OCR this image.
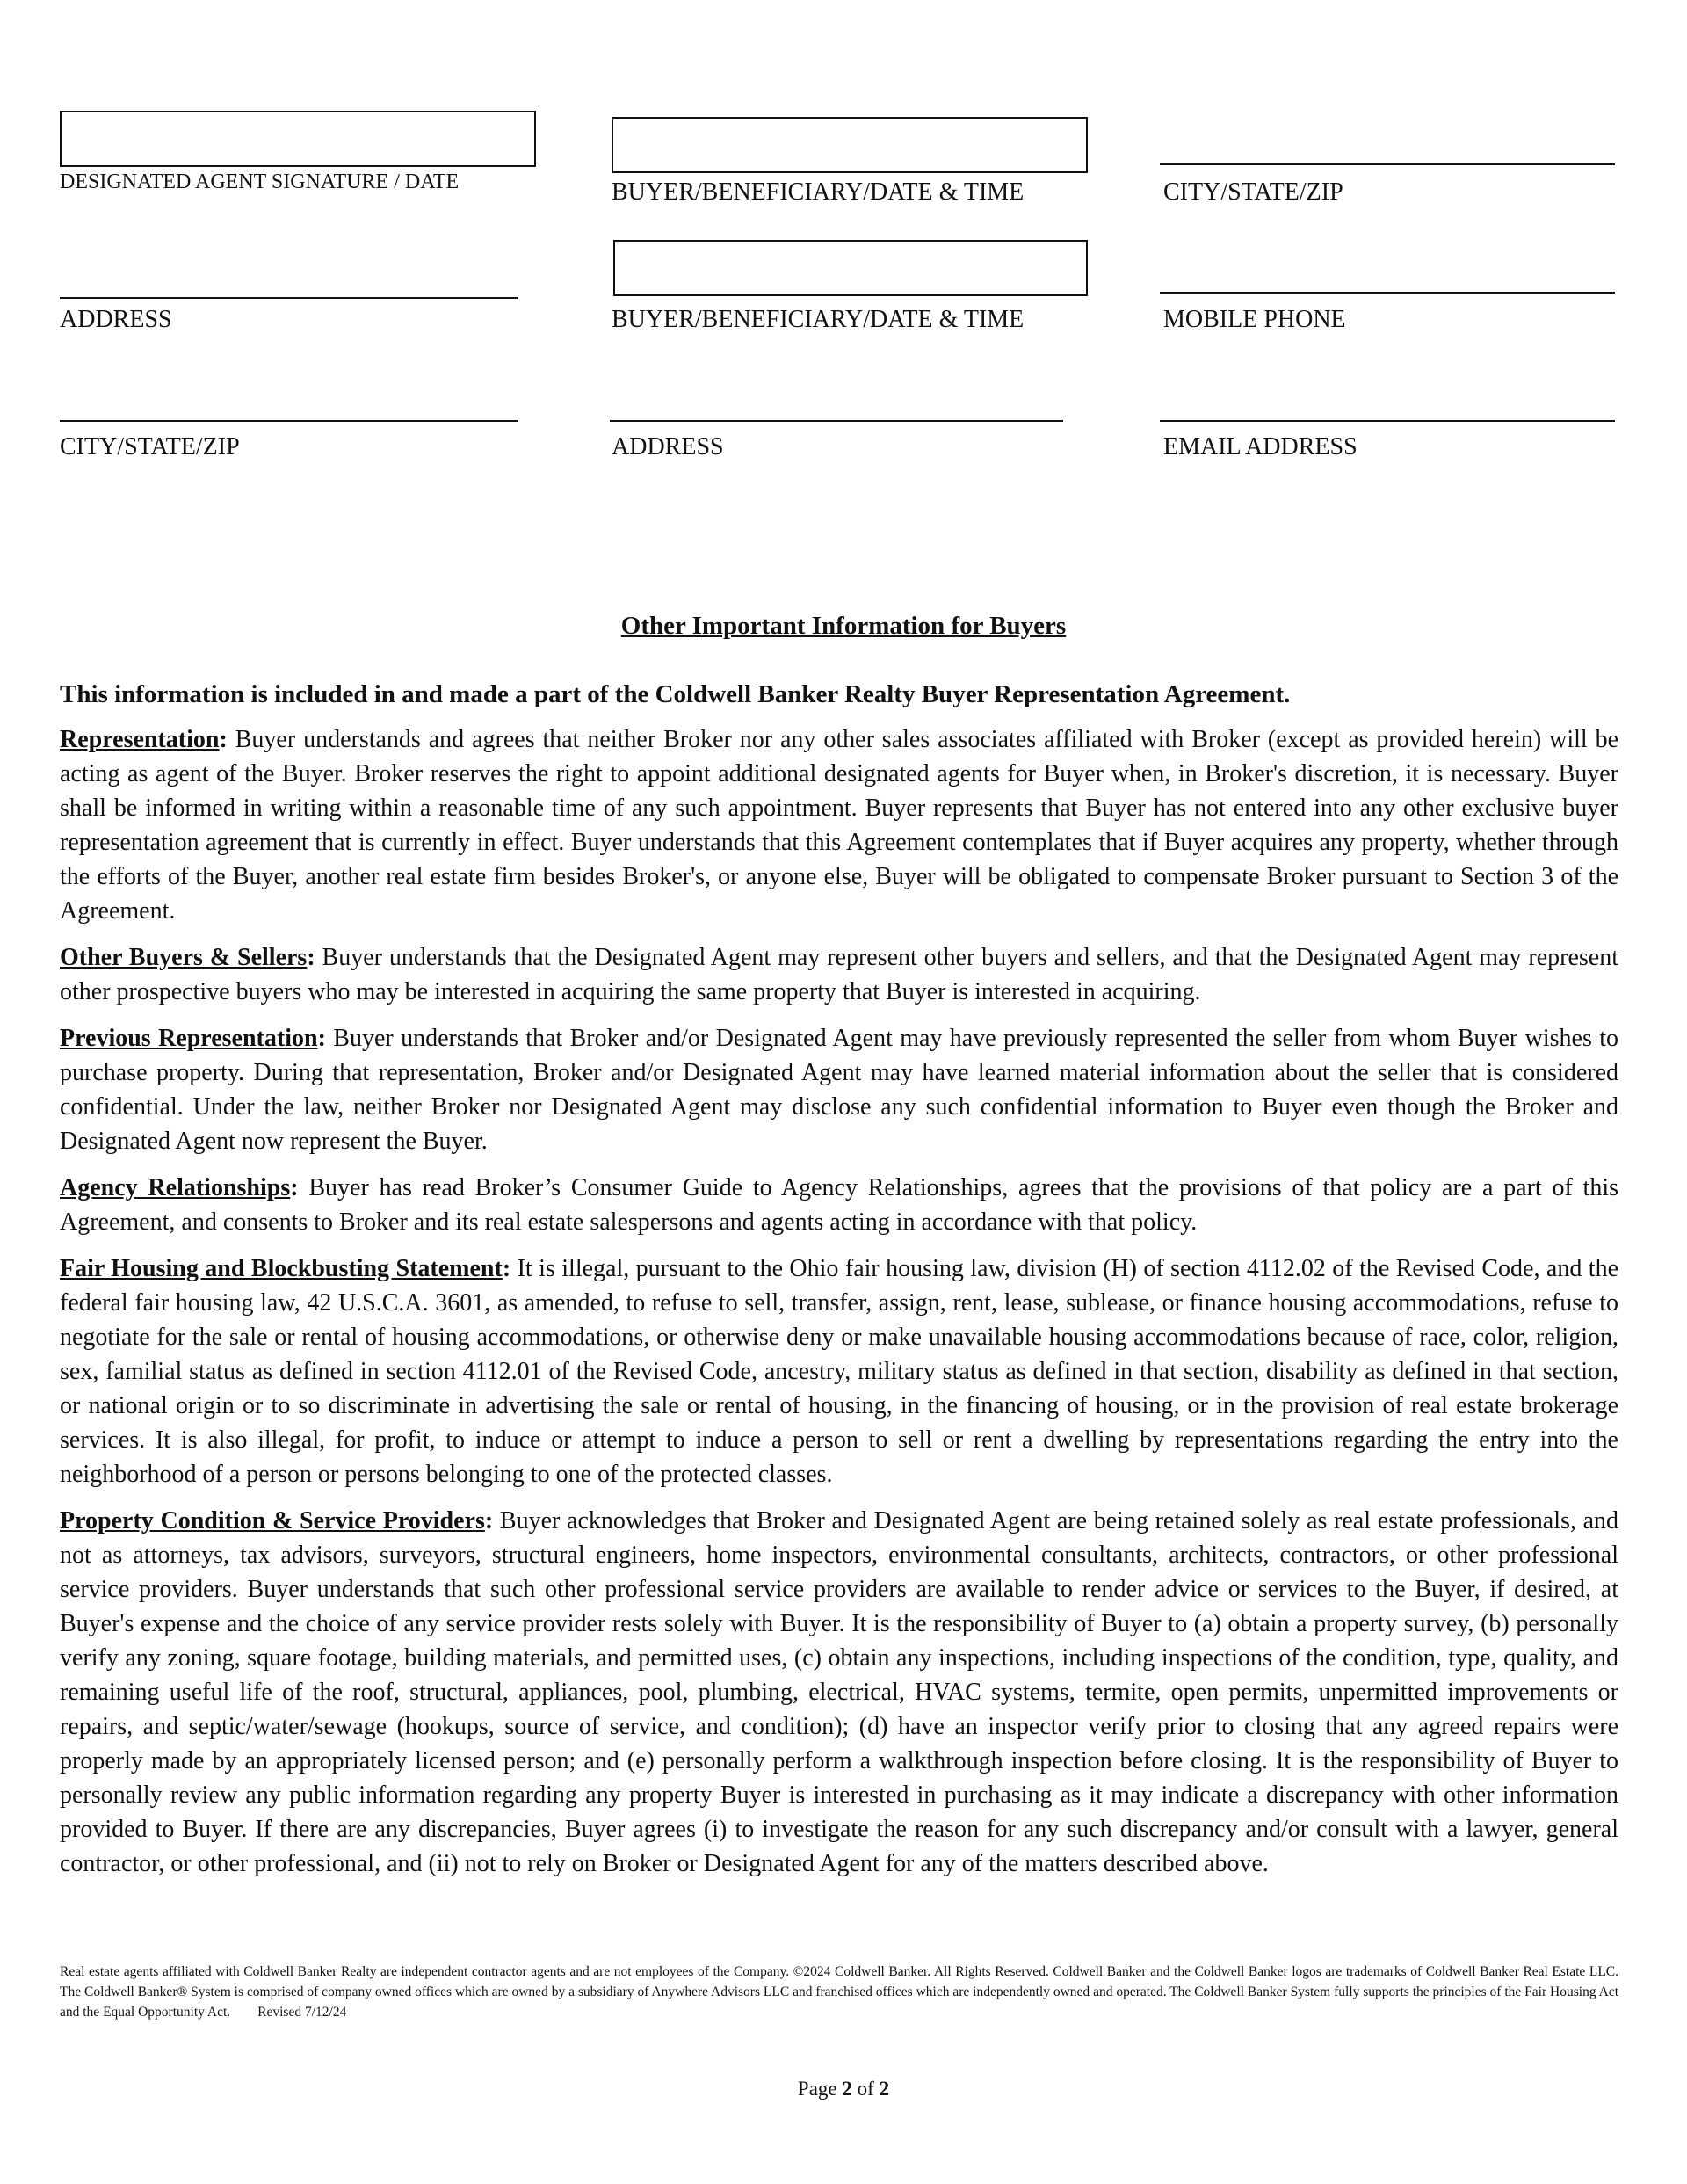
DESIGNATED AGENT SIGNATURE / DATE	BUYER/BENEFICIARY/DATE & TIME	CITY/STATE/ZIP
ADDRESS	BUYER/BENEFICIARY/DATE & TIME	MOBILE PHONE
CITY/STATE/ZIP	ADDRESS	EMAIL ADDRESS
Other Important Information for Buyers
This information is included in and made a part of the Coldwell Banker Realty Buyer Representation Agreement.

Representation: Buyer understands and agrees that neither Broker nor any other sales associates affiliated with Broker (except as provided herein) will be acting as agent of the Buyer. Broker reserves the right to appoint additional designated agents for Buyer when, in Broker's discretion, it is necessary. Buyer shall be informed in writing within a reasonable time of any such appointment. Buyer represents that Buyer has not entered into any other exclusive buyer representation agreement that is currently in effect. Buyer understands that this Agreement contemplates that if Buyer acquires any property, whether through the efforts of the Buyer, another real estate firm besides Broker's, or anyone else, Buyer will be obligated to compensate Broker pursuant to Section 3 of the Agreement.

Other Buyers & Sellers: Buyer understands that the Designated Agent may represent other buyers and sellers, and that the Designated Agent may represent other prospective buyers who may be interested in acquiring the same property that Buyer is interested in acquiring.

Previous Representation: Buyer understands that Broker and/or Designated Agent may have previously represented the seller from whom Buyer wishes to purchase property. During that representation, Broker and/or Designated Agent may have learned material information about the seller that is considered confidential. Under the law, neither Broker nor Designated Agent may disclose any such confidential information to Buyer even though the Broker and Designated Agent now represent the Buyer.

Agency Relationships: Buyer has read Broker’s Consumer Guide to Agency Relationships, agrees that the provisions of that policy are a part of this Agreement, and consents to Broker and its real estate salespersons and agents acting in accordance with that policy.

Fair Housing and Blockbusting Statement: It is illegal, pursuant to the Ohio fair housing law, division (H) of section 4112.02 of the Revised Code, and the federal fair housing law, 42 U.S.C.A. 3601, as amended, to refuse to sell, transfer, assign, rent, lease, sublease, or finance housing accommodations, refuse to negotiate for the sale or rental of housing accommodations, or otherwise deny or make unavailable housing accommodations because of race, color, religion, sex, familial status as defined in section 4112.01 of the Revised Code, ancestry, military status as defined in that section, disability as defined in that section, or national origin or to so discriminate in advertising the sale or rental of housing, in the financing of housing, or in the provision of real estate brokerage services. It is also illegal, for profit, to induce or attempt to induce a person to sell or rent a dwelling by representations regarding the entry into the neighborhood of a person or persons belonging to one of the protected classes.

Property Condition & Service Providers: Buyer acknowledges that Broker and Designated Agent are being retained solely as real estate professionals, and not as attorneys, tax advisors, surveyors, structural engineers, home inspectors, environmental consultants, architects, contractors, or other professional service providers. Buyer understands that such other professional service providers are available to render advice or services to the Buyer, if desired, at Buyer's expense and the choice of any service provider rests solely with Buyer. It is the responsibility of Buyer to (a) obtain a property survey, (b) personally verify any zoning, square footage, building materials, and permitted uses, (c) obtain any inspections, including inspections of the condition, type, quality, and remaining useful life of the roof, structural, appliances, pool, plumbing, electrical, HVAC systems, termite, open permits, unpermitted improvements or repairs, and septic/water/sewage (hookups, source of service, and condition); (d) have an inspector verify prior to closing that any agreed repairs were properly made by an appropriately licensed person; and (e) personally perform a walkthrough inspection before closing. It is the responsibility of Buyer to personally review any public information regarding any property Buyer is interested in purchasing as it may indicate a discrepancy with other information provided to Buyer. If there are any discrepancies, Buyer agrees (i) to investigate the reason for any such discrepancy and/or consult with a lawyer, general contractor, or other professional, and (ii) not to rely on Broker or Designated Agent for any of the matters described above.

Real estate agents affiliated with Coldwell Banker Realty are independent contractor agents and are not employees of the Company. ©2024 Coldwell Banker. All Rights Reserved. Coldwell Banker and the Coldwell Banker logos are trademarks of Coldwell Banker Real Estate LLC. The Coldwell Banker® System is comprised of company owned offices which are owned by a subsidiary of Anywhere Advisors LLC and franchised offices which are independently owned and operated. The Coldwell Banker System fully supports the principles of the Fair Housing Act and the Equal Opportunity Act. Revised 7/12/24
Page 2 of 2
